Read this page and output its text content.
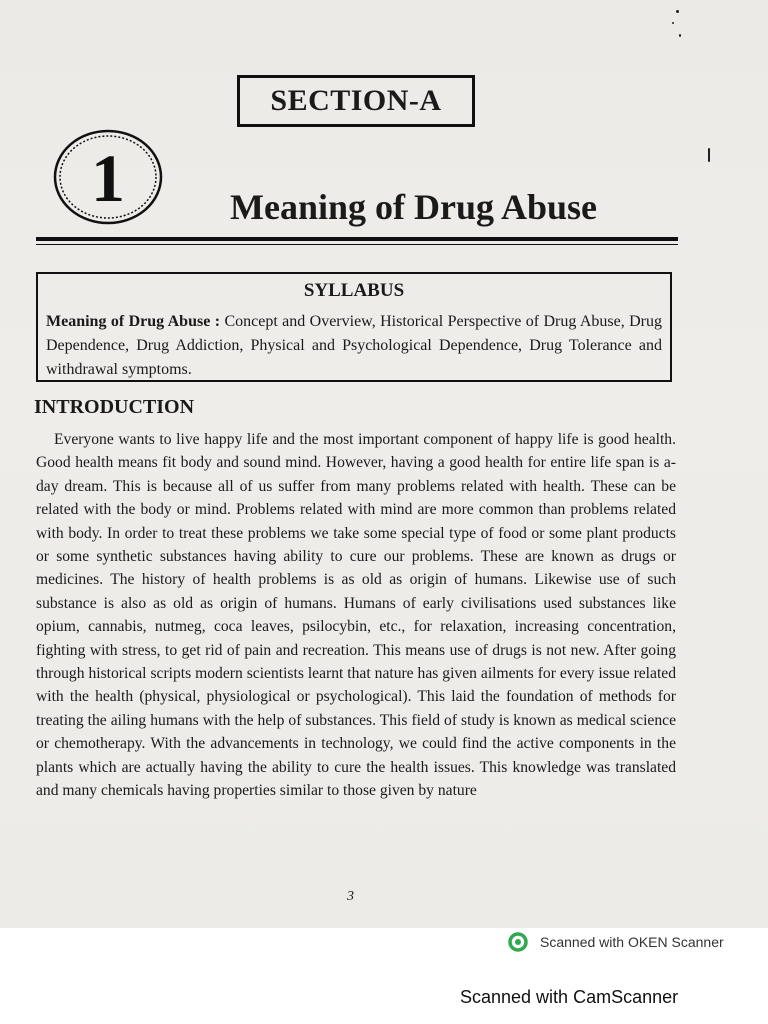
SECTION-A
1	Meaning of Drug Abuse
SYLLABUS
Meaning of Drug Abuse : Concept and Overview, Historical Perspective of Drug Abuse, Drug Dependence, Drug Addiction, Physical and Psychological Dependence, Drug Tolerance and withdrawal symptoms.
INTRODUCTION
Everyone wants to live happy life and the most important component of happy life is good health. Good health means fit body and sound mind. However, having a good health for entire life span is a-day dream. This is because all of us suffer from many problems related with health. These can be related with the body or mind. Problems related with mind are more common than problems related with body. In order to treat these problems we take some special type of food or some plant products or some synthetic substances having ability to cure our problems. These are known as drugs or medicines. The history of health problems is as old as origin of humans. Likewise use of such substance is also as old as origin of humans. Humans of early civilisations used substances like opium, cannabis, nutmeg, coca leaves, psilocybin, etc., for relaxation, increasing concentration, fighting with stress, to get rid of pain and recreation. This means use of drugs is not new. After going through historical scripts modern scientists learnt that nature has given ailments for every issue related with the health (physical, physiological or psychological). This laid the foundation of methods for treating the ailing humans with the help of substances. This field of study is known as medical science or chemotherapy. With the advancements in technology, we could find the active components in the plants which are actually having the ability to cure the health issues. This knowledge was translated and many chemicals having properties similar to those given by nature
3
Scanned with OKEN Scanner
Scanned with CamScanner
